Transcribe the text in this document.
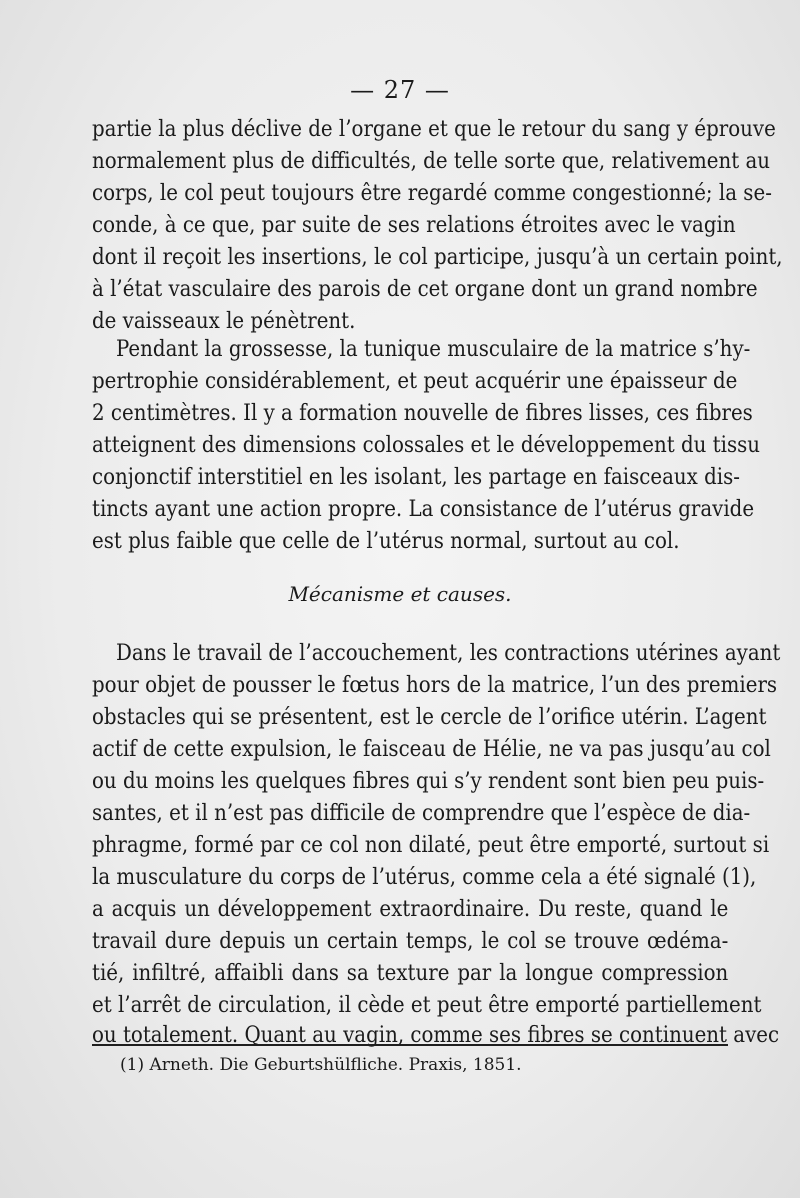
— 27 —
partie la plus déclive de l’organe et que le retour du sang y éprouve
normalement plus de difficultés, de telle sorte que, relativement au
corps, le col peut toujours être regardé comme congestionné; la se-
conde, à ce que, par suite de ses relations étroites avec le vagin
dont il reçoit les insertions, le col participe, jusqu’à un certain point,
à l’état vasculaire des parois de cet organe dont un grand nombre
de vaisseaux le pénètrent.
Pendant la grossesse, la tunique musculaire de la matrice s’hy-
pertrophie considérablement, et peut acquérir une épaisseur de
2 centimètres. Il y a formation nouvelle de fibres lisses, ces fibres
atteignent des dimensions colossales et le développement du tissu
conjonctif interstitiel en les isolant, les partage en faisceaux dis-
tincts ayant une action propre. La consistance de l’utérus gravide
est plus faible que celle de l’utérus normal, surtout au col.
Mécanisme et causes.
Dans le travail de l’accouchement, les contractions utérines ayant
pour objet de pousser le fœtus hors de la matrice, l’un des premiers
obstacles qui se présentent, est le cercle de l’orifice utérin. L’agent
actif de cette expulsion, le faisceau de Hélie, ne va pas jusqu’au col
ou du moins les quelques fibres qui s’y rendent sont bien peu puis-
santes, et il n’est pas difficile de comprendre que l’espèce de dia-
phragme, formé par ce col non dilaté, peut être emporté, surtout si
la musculature du corps de l’utérus, comme cela a été signalé (1),
a acquis un développement extraordinaire. Du reste, quand le
travail dure depuis un certain temps, le col se trouve œdéma-
tié, infiltré, affaibli dans sa texture par la longue compression
et l’arrêt de circulation, il cède et peut être emporté partiellement
ou totalement. Quant au vagin, comme ses fibres se continuent avec
(1) Arneth. Die Geburtshülfliche. Praxis, 1851.
